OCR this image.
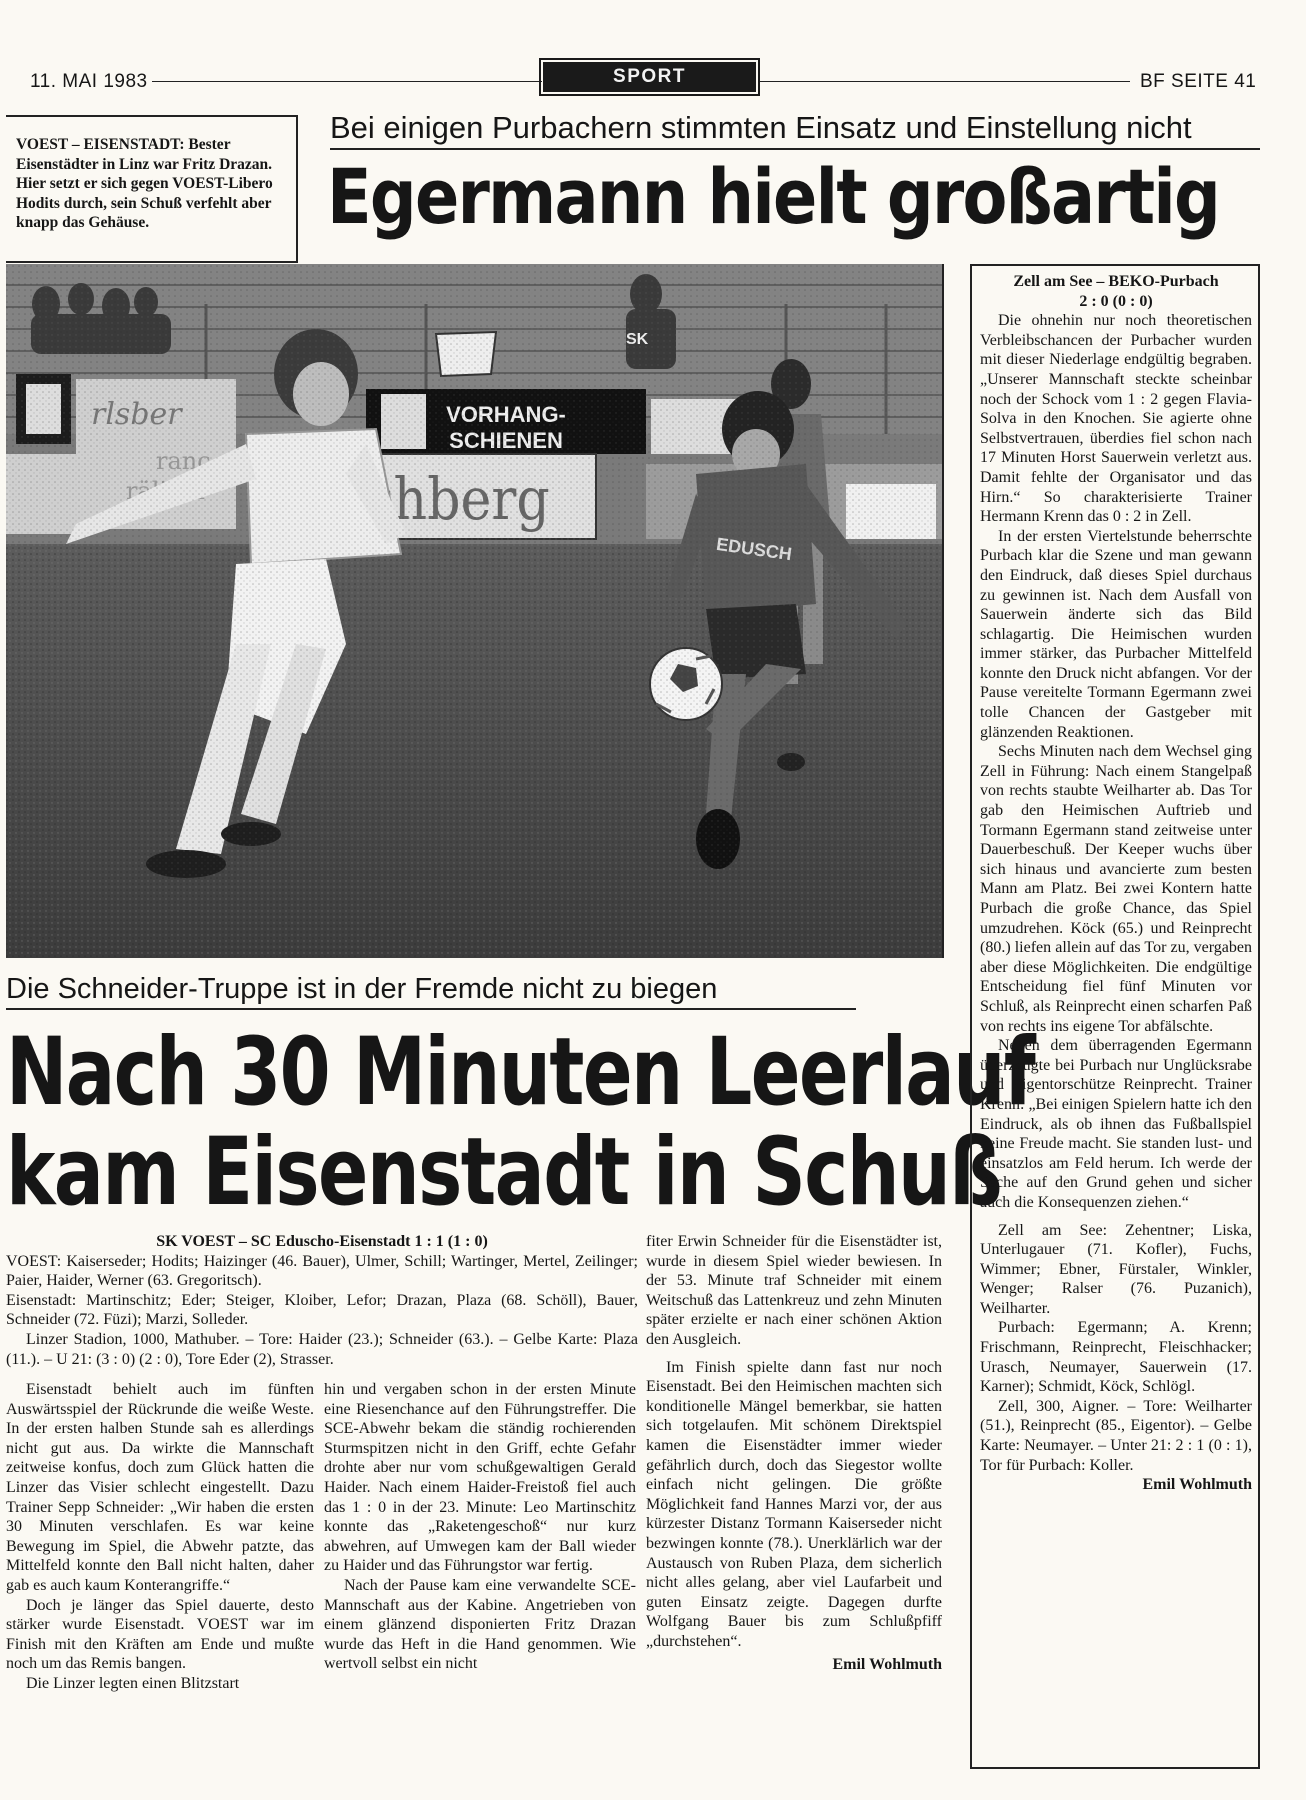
11. MAI 1983	SPORT	BF SEITE 41
VOEST – EISENSTADT: Bester Eisenstädter in Linz war Fritz Drazan. Hier setzt er sich gegen VOEST-Libero Hodits durch, sein Schuß verfehlt aber knapp das Gehäuse.
Bei einigen Purbachern stimmten Einsatz und Einstellung nicht
Egermann hielt großartig
Die Schneider-Truppe ist in der Fremde nicht zu biegen
Nach 30 Minuten Leerlauf
kam Eisenstadt in Schuß

SK VOEST – SC Eduscho-Eisenstadt 1 : 1 (1 : 0)

VOEST: Kaiserseder; Hodits; Haizinger (46. Bauer), Ulmer, Schill; Wartinger, Mertel, Zeilinger; Paier, Haider, Werner (63. Gregoritsch).

Eisenstadt: Martinschitz; Eder; Steiger, Kloiber, Lefor; Drazan, Plaza (68. Schöll), Bauer, Schneider (72. Füzi); Marzi, Solleder.

Linzer Stadion, 1000, Mathuber. – Tore: Haider (23.); Schneider (63.). – Gelbe Karte: Plaza (11.). – U 21: (3 : 0) (2 : 0), Tore Eder (2), Strasser.

Eisenstadt behielt auch im fünften Auswärtsspiel der Rückrunde die weiße Weste. In der ersten halben Stunde sah es allerdings nicht gut aus. Da wirkte die Mannschaft zeitweise konfus, doch zum Glück hatten die Linzer das Visier schlecht eingestellt. Dazu Trainer Sepp Schneider: „Wir haben die ersten 30 Minuten verschlafen. Es war keine Bewegung im Spiel, die Abwehr patzte, das Mittelfeld konnte den Ball nicht halten, daher gab es auch kaum Konterangriffe.“

Doch je länger das Spiel dauerte, desto stärker wurde Eisenstadt. VOEST war im Finish mit den Kräften am Ende und mußte noch um das Remis bangen.

Die Linzer legten einen Blitzstart

hin und vergaben schon in der ersten Minute eine Riesenchance auf den Führungstreffer. Die SCE-Abwehr bekam die ständig rochierenden Sturmspitzen nicht in den Griff, echte Gefahr drohte aber nur vom schußgewaltigen Gerald Haider. Nach einem Haider-Freistoß fiel auch das 1 : 0 in der 23. Minute: Leo Martinschitz konnte das „Raketengeschoß“ nur kurz abwehren, auf Umwegen kam der Ball wieder zu Haider und das Führungstor war fertig.

Nach der Pause kam eine verwandelte SCE-Mannschaft aus der Kabine. Angetrieben von einem glänzend disponierten Fritz Drazan wurde das Heft in die Hand genommen. Wie wertvoll selbst ein nicht

fiter Erwin Schneider für die Eisenstädter ist, wurde in diesem Spiel wieder bewiesen. In der 53. Minute traf Schneider mit einem Weitschuß das Lattenkreuz und zehn Minuten später erzielte er nach einer schönen Aktion den Ausgleich.

Im Finish spielte dann fast nur noch Eisenstadt. Bei den Heimischen machten sich konditionelle Mängel bemerkbar, sie hatten sich totgelaufen. Mit schönem Direktspiel kamen die Eisenstädter immer wieder gefährlich durch, doch das Siegestor wollte einfach nicht gelingen. Die größte Möglichkeit fand Hannes Marzi vor, der aus kürzester Distanz Tormann Kaiserseder nicht bezwingen konnte (78.). Unerklärlich war der Austausch von Ruben Plaza, dem sicherlich nicht alles gelang, aber viel Laufarbeit und guten Einsatz zeigte. Dagegen durfte Wolfgang Bauer bis zum Schlußpfiff „durchstehen“.

Emil Wohlmuth

Zell am See – BEKO-Purbach

2 : 0 (0 : 0)

Die ohnehin nur noch theoretischen Verbleibschancen der Purbacher wurden mit dieser Niederlage endgültig begraben. „Unserer Mannschaft steckte scheinbar noch der Schock vom 1 : 2 gegen Flavia-Solva in den Knochen. Sie agierte ohne Selbstvertrauen, überdies fiel schon nach 17 Minuten Horst Sauerwein verletzt aus. Damit fehlte der Organisator und das Hirn.“ So charakterisierte Trainer Hermann Krenn das 0 : 2 in Zell.

In der ersten Viertelstunde beherrschte Purbach klar die Szene und man gewann den Eindruck, daß dieses Spiel durchaus zu gewinnen ist. Nach dem Ausfall von Sauerwein änderte sich das Bild schlagartig. Die Heimischen wurden immer stärker, das Purbacher Mittelfeld konnte den Druck nicht abfangen. Vor der Pause vereitelte Tormann Egermann zwei tolle Chancen der Gastgeber mit glänzenden Reaktionen.

Sechs Minuten nach dem Wechsel ging Zell in Führung: Nach einem Stangelpaß von rechts staubte Weilharter ab. Das Tor gab den Heimischen Auftrieb und Tormann Egermann stand zeitweise unter Dauerbeschuß. Der Keeper wuchs über sich hinaus und avancierte zum besten Mann am Platz. Bei zwei Kontern hatte Purbach die große Chance, das Spiel umzudrehen. Köck (65.) und Reinprecht (80.) liefen allein auf das Tor zu, vergaben aber diese Möglichkeiten. Die endgültige Entscheidung fiel fünf Minuten vor Schluß, als Reinprecht einen scharfen Paß von rechts ins eigene Tor abfälschte.

Neben dem überragenden Egermann überzeugte bei Purbach nur Unglücksrabe und Eigentorschütze Reinprecht. Trainer Krenn: „Bei einigen Spielern hatte ich den Eindruck, als ob ihnen das Fußballspiel keine Freude macht. Sie standen lust- und einsatzlos am Feld herum. Ich werde der Sache auf den Grund gehen und sicher auch die Konsequenzen ziehen.“

Zell am See: Zehentner; Liska, Unterlugauer (71. Kofler), Fuchs, Wimmer; Ebner, Fürstaler, Winkler, Wenger; Ralser (76. Puzanich), Weilharter.

Purbach: Egermann; A. Krenn; Frischmann, Reinprecht, Fleischhacker; Urasch, Neumayer, Sauerwein (17. Karner); Schmidt, Köck, Schlögl.

Zell, 300, Aigner. – Tore: Weilharter (51.), Reinprecht (85., Eigentor). – Gelbe Karte: Neumayer. – Unter 21: 2 : 1 (0 : 1), Tor für Purbach: Koller.

Emil Wohlmuth
